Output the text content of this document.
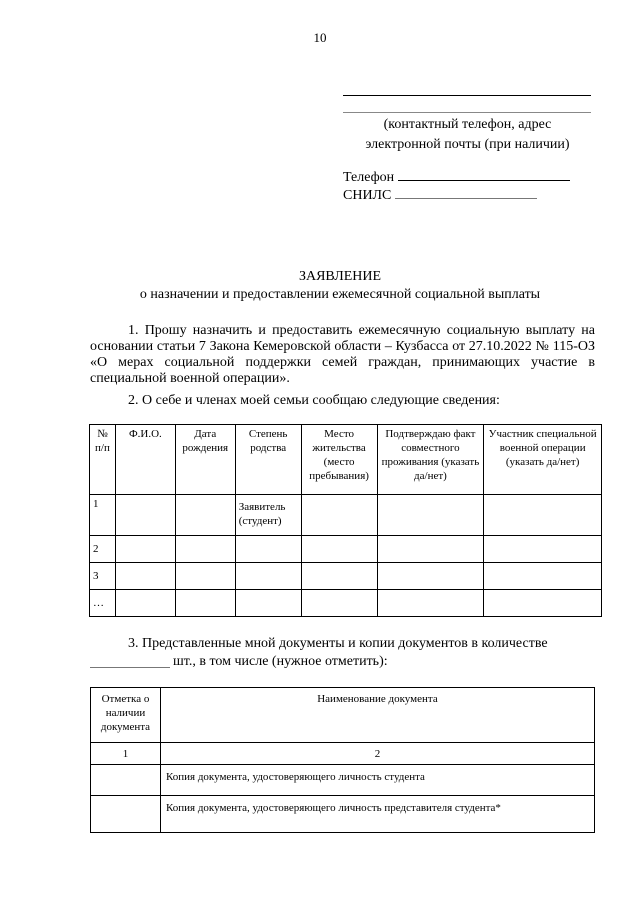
10
(контактный телефон, адрес
электронной почты (при наличии)
Телефон
СНИЛС
ЗАЯВЛЕНИЕ
о назначении и предоставлении ежемесячной социальной выплаты
1. Прошу назначить и предоставить ежемесячную социальную выплату на основании статьи 7 Закона Кемеровской области – Кузбасса от 27.10.2022 № 115-ОЗ «О мерах социальной поддержки семей граждан, принимающих участие в специальной военной операции».
2. О себе и членах моей семьи сообщаю следующие сведения:
№ п/п	Ф.И.О.	Дата рождения	Степень родства	Место жительства (место пребывания)	Подтверждаю факт совместного проживания (указать да/нет)	Участник специальной военной операции (указать да/нет)
1			Заявитель (студент)			
2						
3						
…						
3. Представленные мной документы и копии документов в количестве
шт., в том числе (нужное отметить):
Отметка о наличии документа	Наименование документа
1	2
	Копия документа, удостоверяющего личность студента
	Копия документа, удостоверяющего личность представителя студента*
